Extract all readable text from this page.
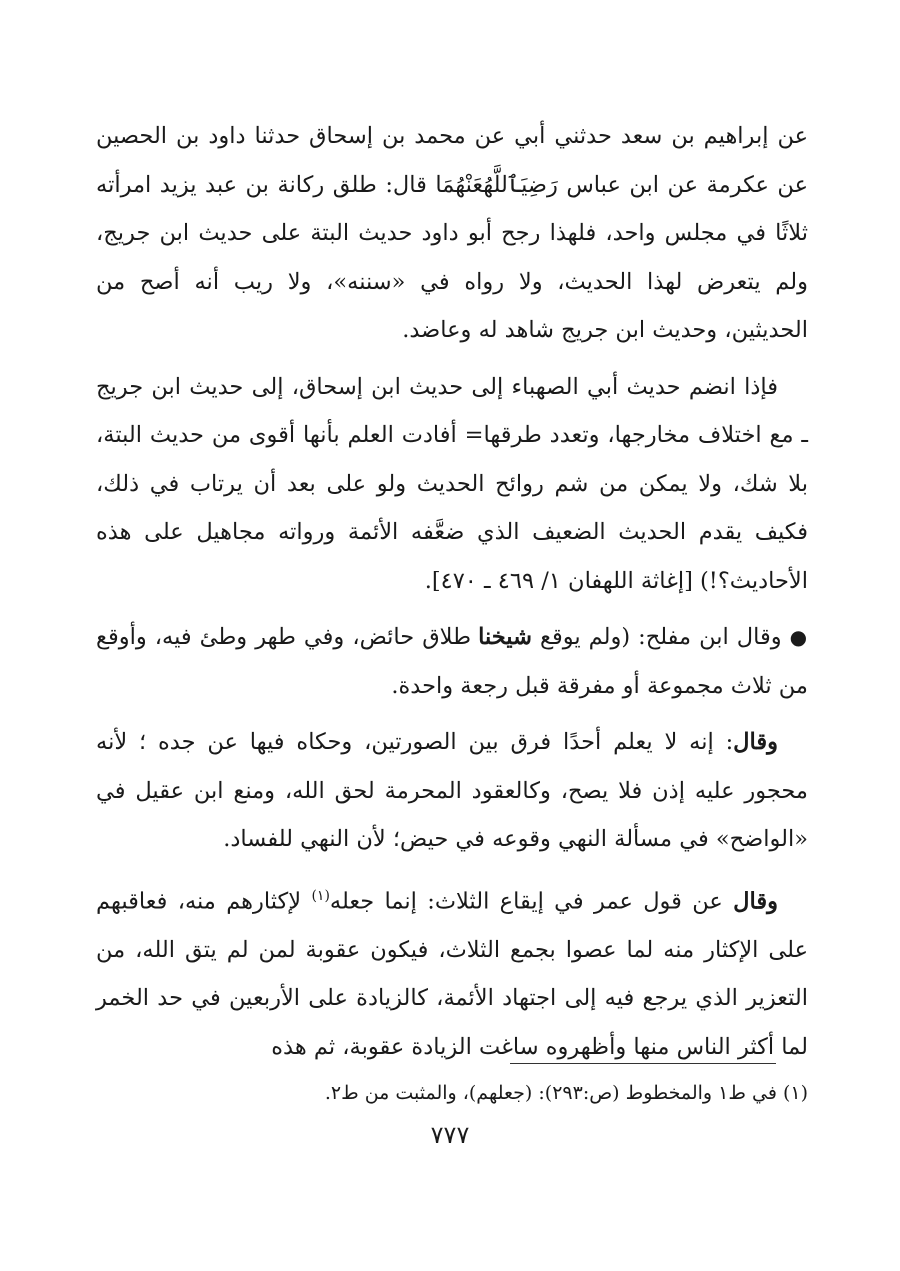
عن إبراهيم بن سعد حدثني أبي عن محمد بن إسحاق حدثنا داود بن الحصين عن عكرمة عن ابن عباس رَضِيَٱللَّهُعَنْهُمَا قال: طلق ركانة بن عبد يزيد امرأته ثلاثًا في مجلس واحد، فلهذا رجح أبو داود حديث البتة على حديث ابن جريج، ولم يتعرض لهذا الحديث، ولا رواه في «سننه»، ولا ريب أنه أصح من الحديثين، وحديث ابن جريج شاهد له وعاضد.

فإذا انضم حديث أبي الصهباء إلى حديث ابن إسحاق، إلى حديث ابن جريج ـ مع اختلاف مخارجها، وتعدد طرقها= أفادت العلم بأنها أقوى من حديث البتة، بلا شك، ولا يمكن من شم روائح الحديث ولو على بعد أن يرتاب في ذلك، فكيف يقدم الحديث الضعيف الذي ضعَّفه الأئمة ورواته مجاهيل على هذه الأحاديث؟!) [إغاثة اللهفان ١/ ٤٦٩ ـ ٤٧٠].

● وقال ابن مفلح: (ولم يوقع شيخنا طلاق حائض، وفي طهر وطئ فيه، وأوقع من ثلاث مجموعة أو مفرقة قبل رجعة واحدة.

وقال: إنه لا يعلم أحدًا فرق بين الصورتين، وحكاه فيها عن جده ؛ لأنه محجور عليه إذن فلا يصح، وكالعقود المحرمة لحق الله، ومنع ابن عقيل في «الواضح» في مسألة النهي وقوعه في حيض؛ لأن النهي للفساد.

وقال عن قول عمر في إيقاع الثلاث: إنما جعله$^{(١)}$ لإكثارهم منه، فعاقبهم على الإكثار منه لما عصوا بجمع الثلاث، فيكون عقوبة لمن لم يتق الله، من التعزير الذي يرجع فيه إلى اجتهاد الأئمة، كالزيادة على الأربعين في حد الخمر لما أكثر الناس منها وأظهروه ساغت الزيادة عقوبة، ثم هذه

(١) في ط١ والمخطوط (ص:٢٩٣): (جعلهم)، والمثبت من ط٢.
٧٧٧
